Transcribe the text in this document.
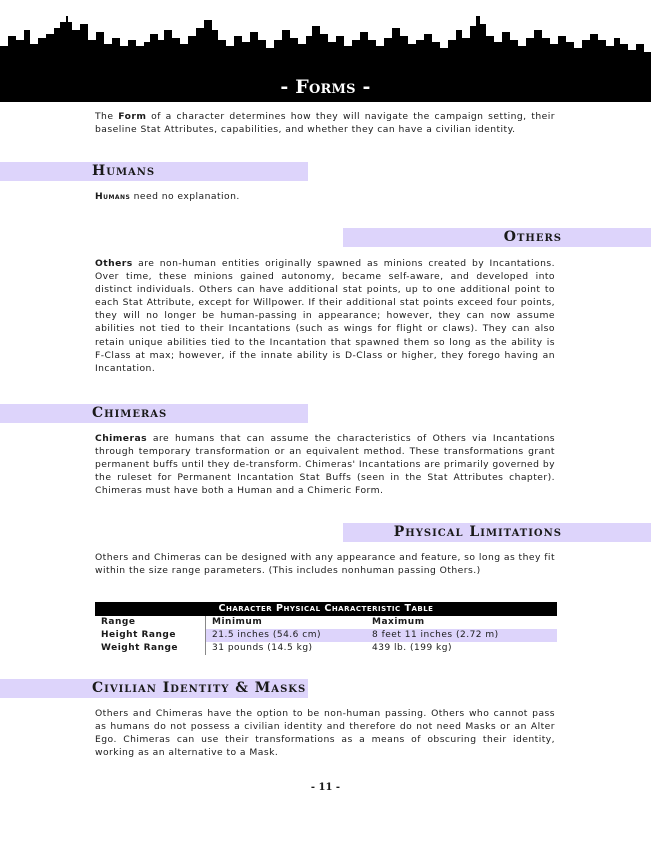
- Forms -

The Form of a character determines how they will navigate the campaign setting, their baseline Stat Attributes, capabilities, and whether they can have a civilian identity.

Humans

Humans need no explanation.

Others

Others are non-human entities originally spawned as minions created by Incantations. Over time, these minions gained autonomy, became self-aware, and developed into distinct individuals. Others can have additional stat points, up to one additional point to each Stat Attribute, except for Willpower. If their additional stat points exceed four points, they will no longer be human-passing in appearance; however, they can now assume abilities not tied to their Incantations (such as wings for flight or claws). They can also retain unique abilities tied to the Incantation that spawned them so long as the ability is F-Class at max; however, if the innate ability is D-Class or higher, they forego having an Incantation.

Chimeras

Chimeras are humans that can assume the characteristics of Others via Incantations through temporary transformation or an equivalent method. These transformations grant permanent buffs until they de-transform. Chimeras' Incantations are primarily governed by the ruleset for Permanent Incantation Stat Buffs (seen in the Stat Attributes chapter). Chimeras must have both a Human and a Chimeric Form.

Physical Limitations

Others and Chimeras can be designed with any appearance and feature, so long as they fit within the size range parameters. (This includes nonhuman passing Others.)

Character Physical Characteristic Table
Range	Minimum	Maximum
Height Range	21.5 inches (54.6 cm)	8 feet 11 inches (2.72 m)
Weight Range	31 pounds (14.5 kg)	439 lb. (199 kg)
Civilian Identity & Masks

Others and Chimeras have the option to be non-human passing. Others who cannot pass as humans do not possess a civilian identity and therefore do not need Masks or an Alter Ego. Chimeras can use their transformations as a means of obscuring their identity, working as an alternative to a Mask.

- 11 -
